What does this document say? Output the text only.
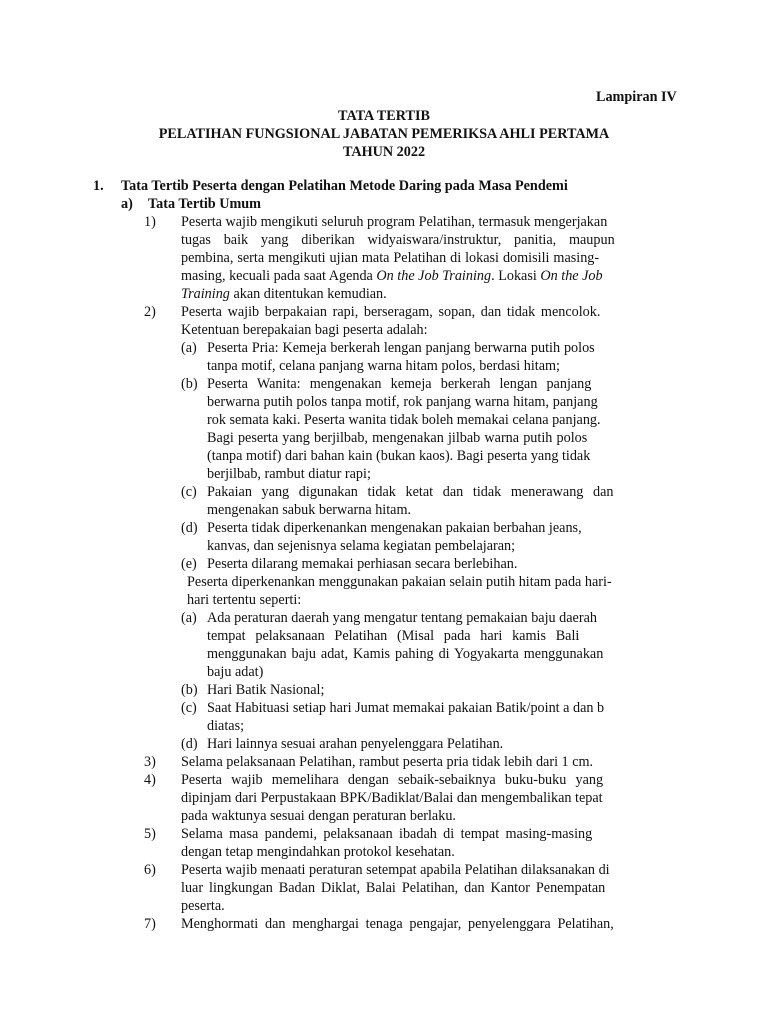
Lampiran IV
TATA TERTIB
PELATIHAN FUNGSIONAL JABATAN PEMERIKSA AHLI PERTAMA
TAHUN 2022
1. Tata Tertib Peserta dengan Pelatihan Metode Daring pada Masa Pendemi
a) Tata Tertib Umum
1) Peserta wajib mengikuti seluruh program Pelatihan, termasuk mengerjakan
tugas baik yang diberikan widyaiswara/instruktur, panitia, maupun
pembina, serta mengikuti ujian mata Pelatihan di lokasi domisili masing-
masing, kecuali pada saat Agenda On the Job Training. Lokasi On the Job
Training akan ditentukan kemudian.
2) Peserta wajib berpakaian rapi, berseragam, sopan, dan tidak mencolok.
Ketentuan berepakaian bagi peserta adalah:
(a) Peserta Pria: Kemeja berkerah lengan panjang berwarna putih polos
tanpa motif, celana panjang warna hitam polos, berdasi hitam;
(b) Peserta Wanita: mengenakan kemeja berkerah lengan panjang
berwarna putih polos tanpa motif, rok panjang warna hitam, panjang
rok semata kaki. Peserta wanita tidak boleh memakai celana panjang.
Bagi peserta yang berjilbab, mengenakan jilbab warna putih polos
(tanpa motif) dari bahan kain (bukan kaos). Bagi peserta yang tidak
berjilbab, rambut diatur rapi;
(c) Pakaian yang digunakan tidak ketat dan tidak menerawang dan
mengenakan sabuk berwarna hitam.
(d) Peserta tidak diperkenankan mengenakan pakaian berbahan jeans,
kanvas, dan sejenisnya selama kegiatan pembelajaran;
(e) Peserta dilarang memakai perhiasan secara berlebihan.
Peserta diperkenankan menggunakan pakaian selain putih hitam pada hari-
hari tertentu seperti:
(a) Ada peraturan daerah yang mengatur tentang pemakaian baju daerah
tempat pelaksanaan Pelatihan (Misal pada hari kamis Bali
menggunakan baju adat, Kamis pahing di Yogyakarta menggunakan
baju adat)
(b) Hari Batik Nasional;
(c) Saat Habituasi setiap hari Jumat memakai pakaian Batik/point a dan b
diatas;
(d) Hari lainnya sesuai arahan penyelenggara Pelatihan.
3) Selama pelaksanaan Pelatihan, rambut peserta pria tidak lebih dari 1 cm.
4) Peserta wajib memelihara dengan sebaik-sebaiknya buku-buku yang
dipinjam dari Perpustakaan BPK/Badiklat/Balai dan mengembalikan tepat
pada waktunya sesuai dengan peraturan berlaku.
5) Selama masa pandemi, pelaksanaan ibadah di tempat masing-masing
dengan tetap mengindahkan protokol kesehatan.
6) Peserta wajib menaati peraturan setempat apabila Pelatihan dilaksanakan di
luar lingkungan Badan Diklat, Balai Pelatihan, dan Kantor Penempatan
peserta.
7) Menghormati dan menghargai tenaga pengajar, penyelenggara Pelatihan,
